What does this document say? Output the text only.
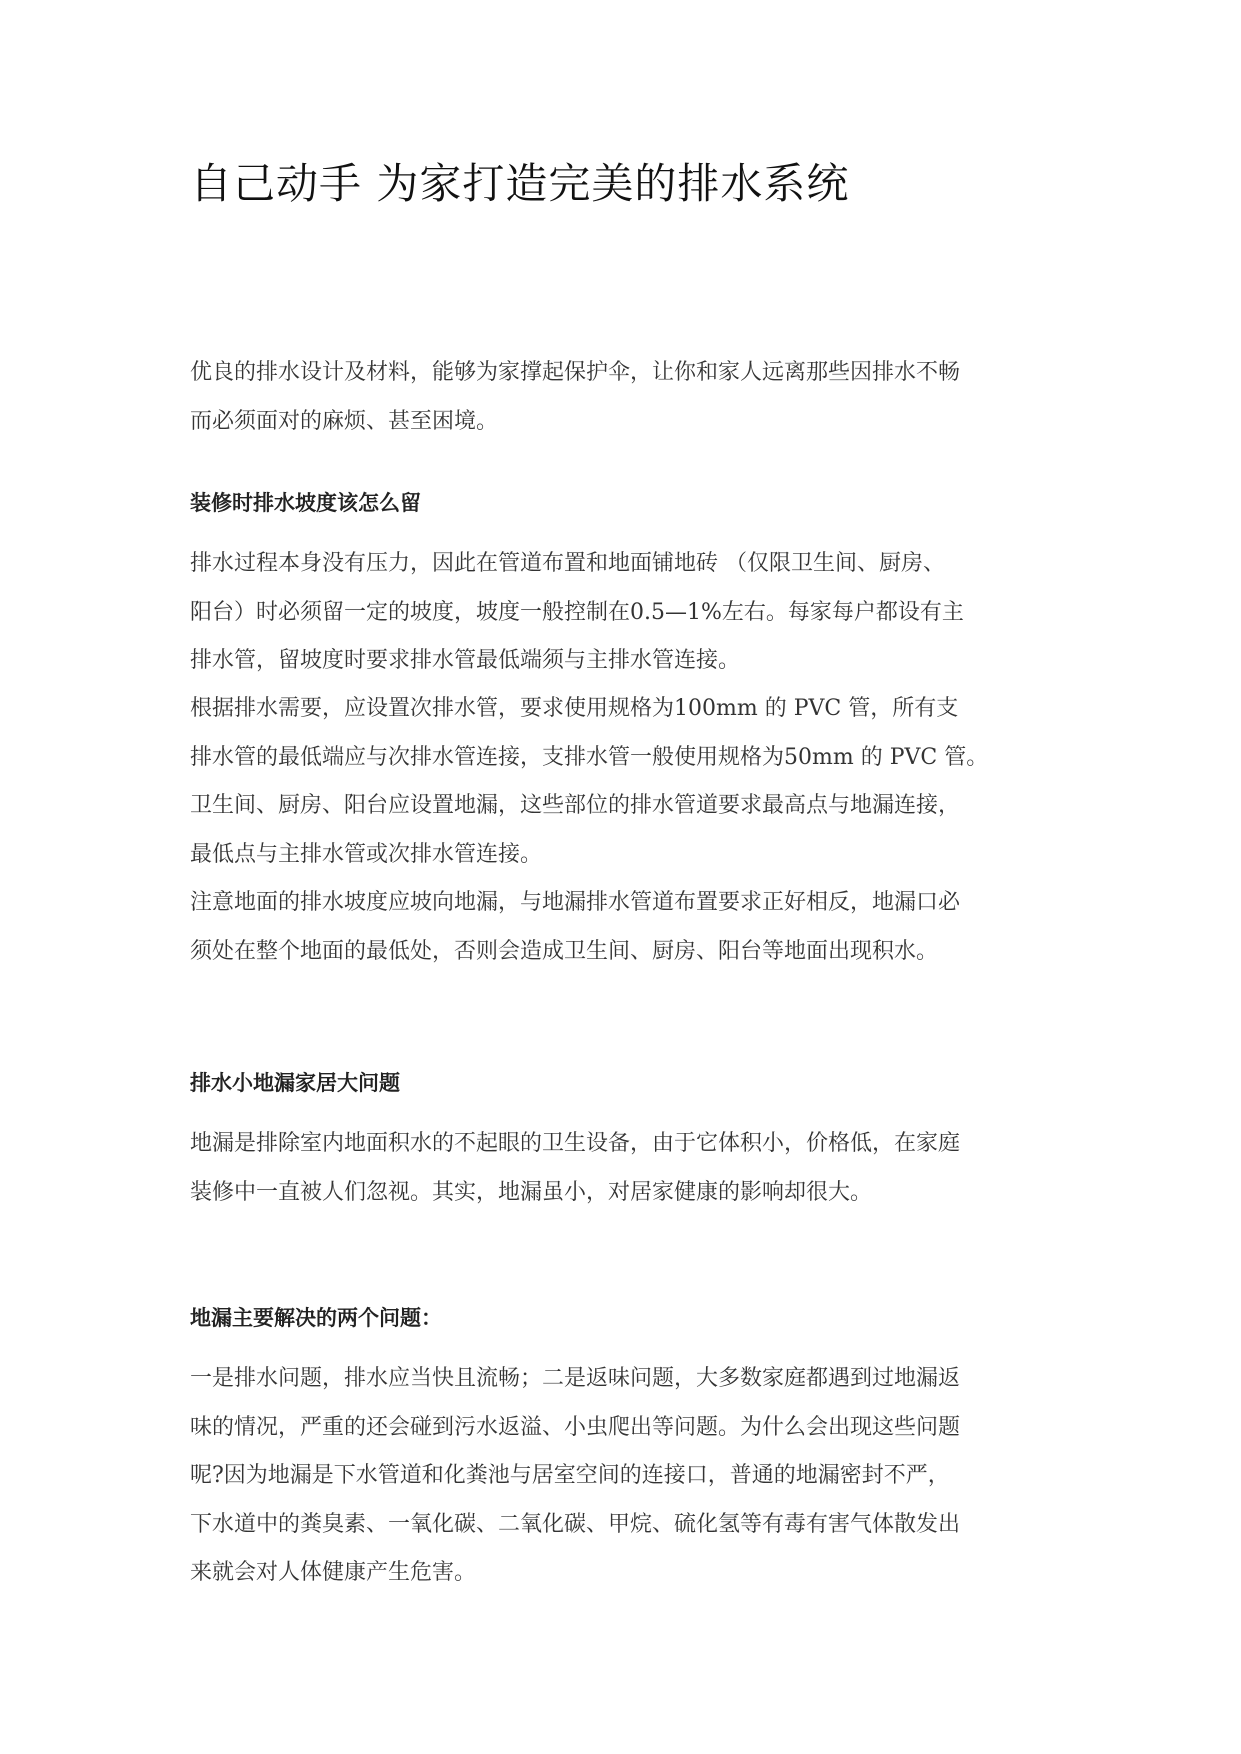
自己动手 为家打造完美的排水系统

优良的排水设计及材料，能够为家撑起保护伞，让你和家人远离那些因排水不畅
而必须面对的麻烦、甚至困境。

装修时排水坡度该怎么留

排水过程本身没有压力，因此在管道布置和地面铺地砖 （仅限卫生间、厨房、
阳台）时必须留一定的坡度，坡度一般控制在0.5—1%左右。每家每户都设有主
排水管，留坡度时要求排水管最低端须与主排水管连接。

根据排水需要，应设置次排水管，要求使用规格为100mm 的 PVC 管，所有支
排水管的最低端应与次排水管连接，支排水管一般使用规格为50mm 的 PVC 管。
卫生间、厨房、阳台应设置地漏，这些部位的排水管道要求最高点与地漏连接，
最低点与主排水管或次排水管连接。

注意地面的排水坡度应坡向地漏，与地漏排水管道布置要求正好相反，地漏口必
须处在整个地面的最低处，否则会造成卫生间、厨房、阳台等地面出现积水。

排水小地漏家居大问题

地漏是排除室内地面积水的不起眼的卫生设备，由于它体积小，价格低，在家庭
装修中一直被人们忽视。其实，地漏虽小，对居家健康的影响却很大。

地漏主要解决的两个问题：

一是排水问题，排水应当快且流畅；二是返味问题，大多数家庭都遇到过地漏返
味的情况，严重的还会碰到污水返溢、小虫爬出等问题。为什么会出现这些问题
呢?因为地漏是下水管道和化粪池与居室空间的连接口，普通的地漏密封不严，
下水道中的粪臭素、一氧化碳、二氧化碳、甲烷、硫化氢等有毒有害气体散发出
来就会对人体健康产生危害。
